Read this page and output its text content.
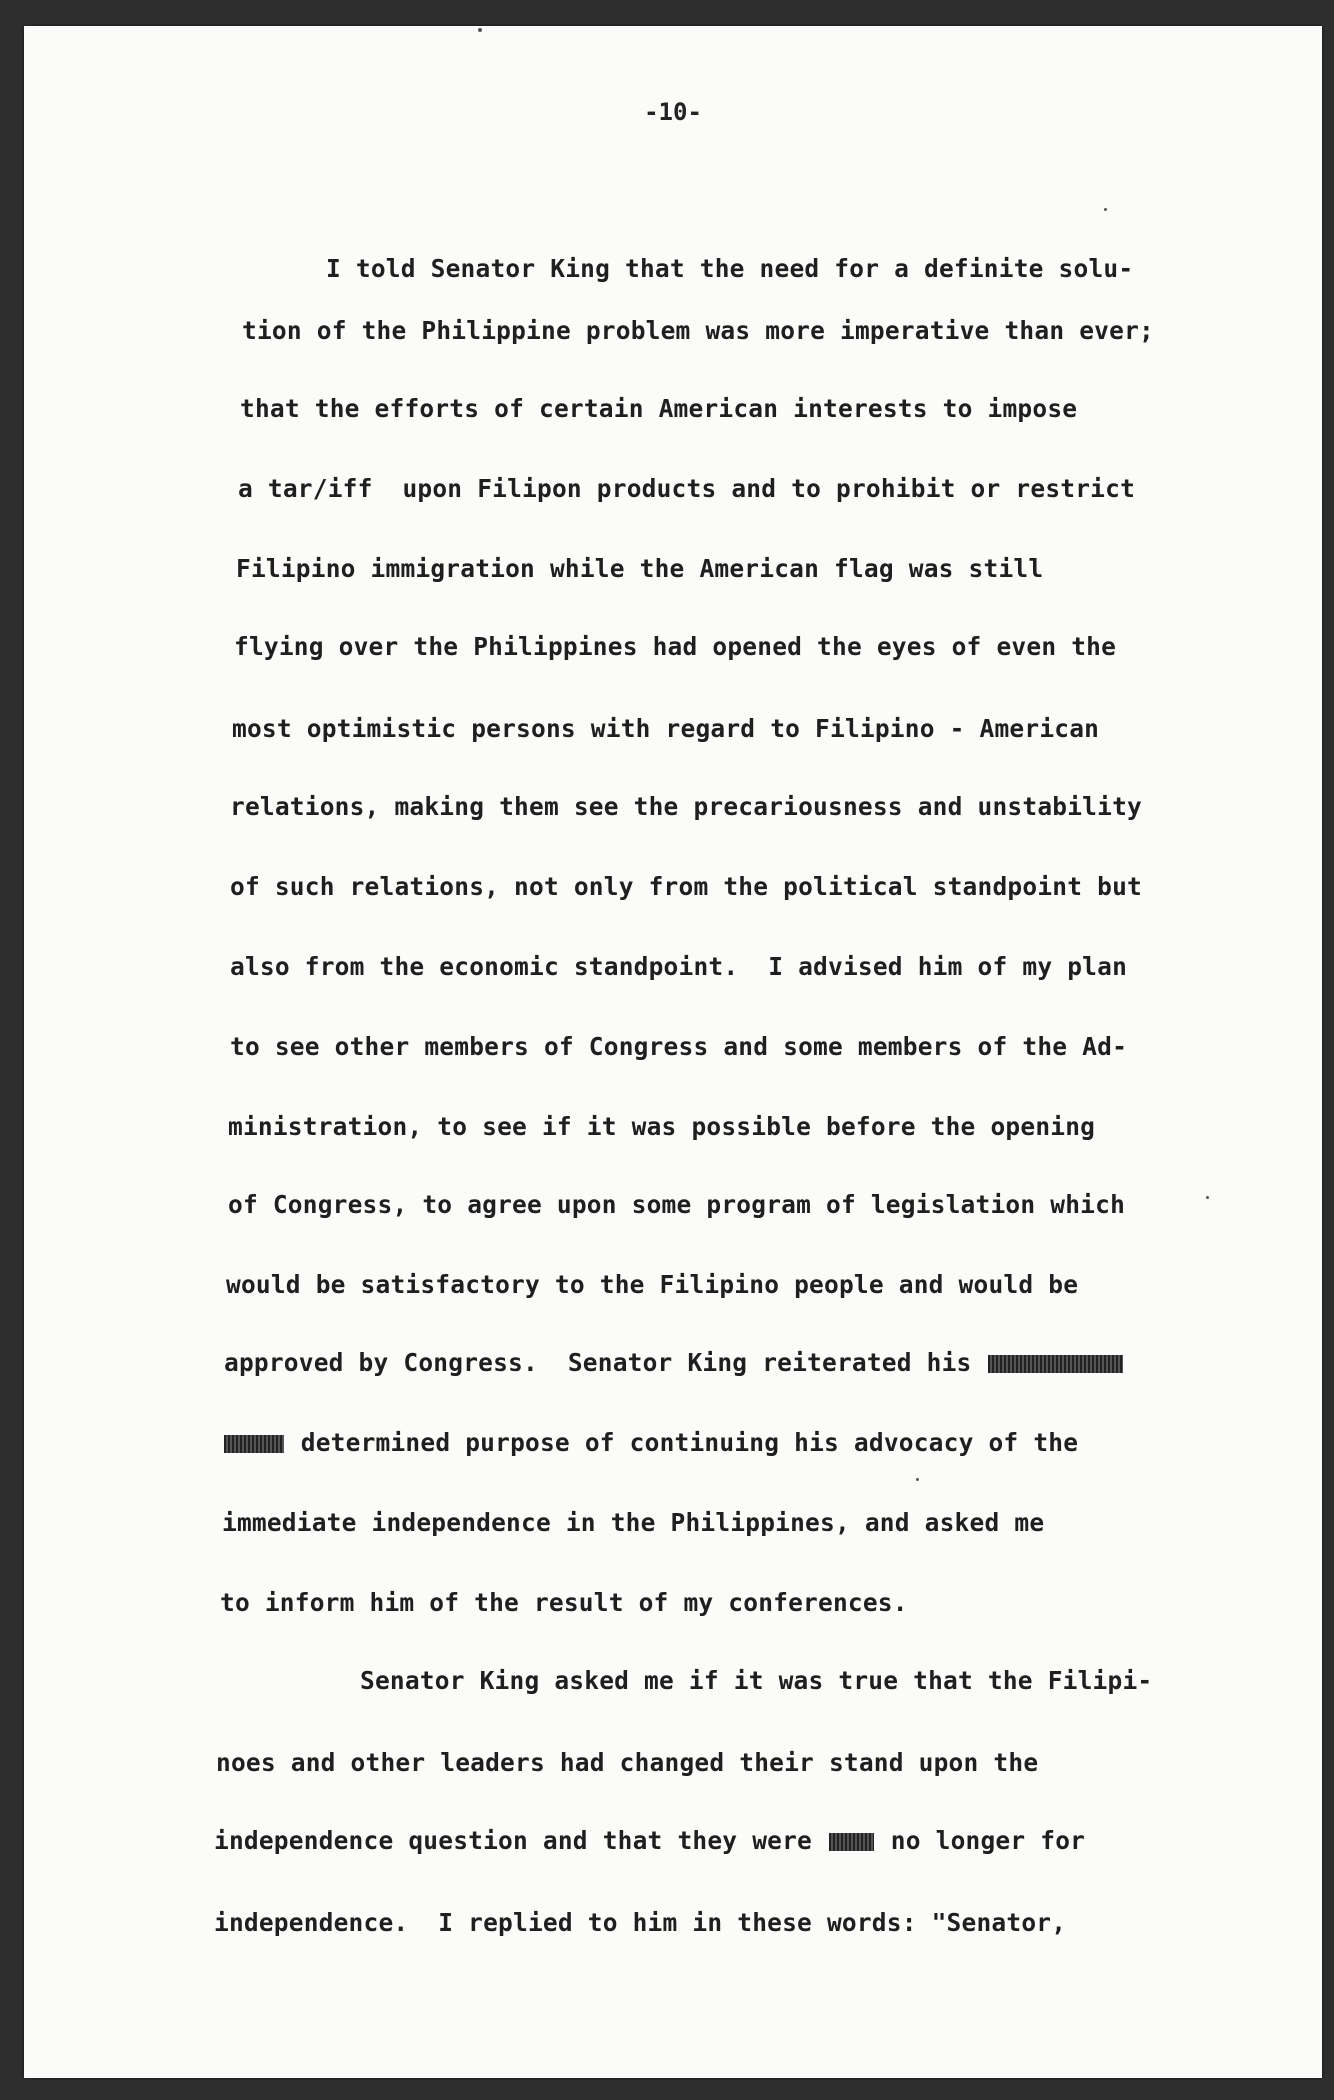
-10-
I told Senator King that the need for a definite solu-
tion of the Philippine problem was more imperative than ever;
that the efforts of certain American interests to impose
a tar/iff  upon Filipon products and to prohibit or restrict
Filipino immigration while the American flag was still
flying over the Philippines had opened the eyes of even the
most optimistic persons with regard to Filipino - American
relations, making them see the precariousness and unstability
of such relations, not only from the political standpoint but
also from the economic standpoint.  I advised him of my plan
to see other members of Congress and some members of the Ad-
ministration, to see if it was possible before the opening
of Congress, to agree upon some program of legislation which
would be satisfactory to the Filipino people and would be
approved by Congress.  Senator King reiterated his
determined purpose of continuing his advocacy of the
immediate independence in the Philippines, and asked me
to inform him of the result of my conferences.
Senator King asked me if it was true that the Filipi-
noes and other leaders had changed their stand upon the
independence question and that they were  no longer for
independence.  I replied to him in these words: "Senator,
